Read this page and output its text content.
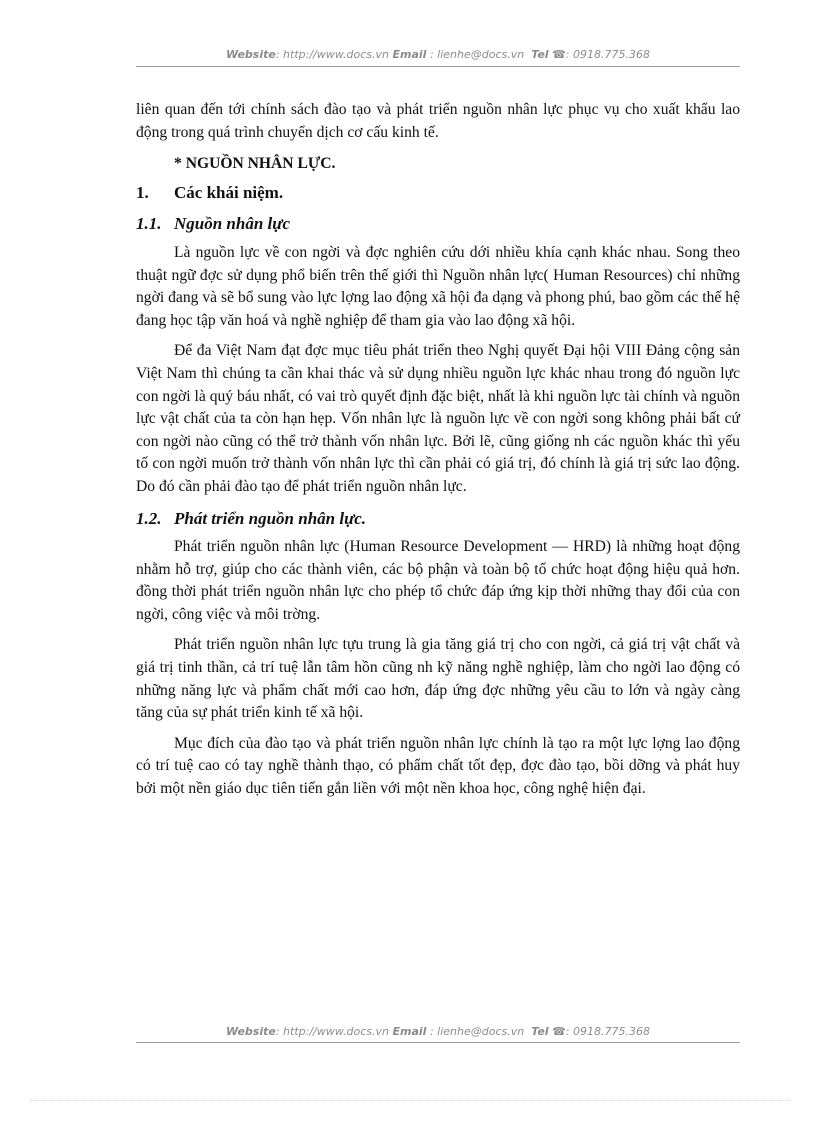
Website: http://www.docs.vn Email : lienhe@docs.vn Tel ☎: 0918.775.368

liên quan đến tới chính sách đào tạo và phát triển nguồn nhân lực phục vụ cho xuất khẩu lao động trong quá trình chuyển dịch cơ cấu kinh tế.

* NGUỒN NHÂN LỰC.
1. Các khái niệm.
1.1. Nguồn nhân lực

Là nguồn lực về con ngời và đợc nghiên cứu dới nhiều khía cạnh khác nhau. Song theo thuật ngữ đợc sử dụng phổ biến trên thế giới thì Nguồn nhân lực( Human Resources) chỉ những ngời đang và sẽ bổ sung vào lực lợng lao động xã hội đa dạng và phong phú, bao gồm các thế hệ đang học tập văn hoá và nghề nghiệp để tham gia vào lao động xã hội.

Để đa Việt Nam đạt đợc mục tiêu phát triển theo Nghị quyết Đại hội VIII Đảng cộng sản Việt Nam thì chúng ta cần khai thác và sử dụng nhiều nguồn lực khác nhau trong đó nguồn lực con ngời là quý báu nhất, có vai trò quyết định đặc biệt, nhất là khi nguồn lực tài chính và nguồn lực vật chất của ta còn hạn hẹp. Vốn nhân lực là nguồn lực về con ngời song không phải bất cứ con ngời nào cũng có thể trở thành vốn nhân lực. Bởi lẽ, cũng giống nh các nguồn khác thì yếu tố con ngời muốn trở thành vốn nhân lực thì cần phải có giá trị, đó chính là giá trị sức lao động. Do đó cần phải đào tạo để phát triển nguồn nhân lực.

1.2. Phát triển nguồn nhân lực.

Phát triển nguồn nhân lực (Human Resource Development — HRD) là những hoạt động nhằm hỗ trợ, giúp cho các thành viên, các bộ phận và toàn bộ tổ chức hoạt động hiệu quả hơn. đồng thời phát triển nguồn nhân lực cho phép tổ chức đáp ứng kịp thời những thay đổi của con ngời, công việc và môi trờng.

Phát triển nguồn nhân lực tựu trung là gia tăng giá trị cho con ngời, cả giá trị vật chất và giá trị tinh thần, cả trí tuệ lẫn tâm hồn cũng nh kỹ năng nghề nghiệp, làm cho ngời lao động có những năng lực và phẩm chất mới cao hơn, đáp ứng đợc những yêu cầu to lớn và ngày càng tăng của sự phát triển kinh tế xã hội.

Mục đích của đào tạo và phát triển nguồn nhân lực chính là tạo ra một lực lợng lao động có trí tuệ cao có tay nghề thành thạo, có phẩm chất tốt đẹp, đợc đào tạo, bồi dỡng và phát huy bởi một nền giáo dục tiên tiến gắn liền với một nền khoa học, công nghệ hiện đại.

Website: http://www.docs.vn Email : lienhe@docs.vn Tel ☎: 0918.775.368
